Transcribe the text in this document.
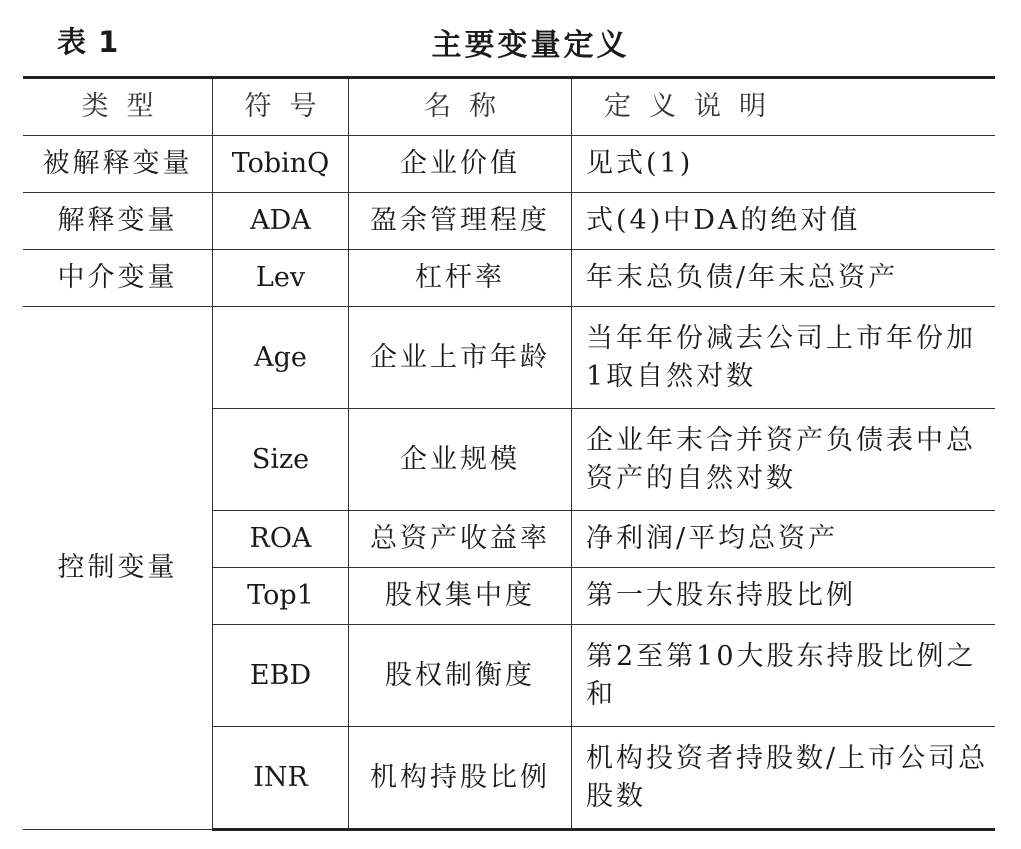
表 1	主要变量定义
类型	符号	名称	定义说明
被解释变量	TobinQ	企业价值	见式(1)
解释变量	ADA	盈余管理程度	式(4)中DA的绝对值
中介变量	Lev	杠杆率	年末总负债/年末总资产
控制变量	Age	企业上市年龄	当年年份减去公司上市年份加1取自然对数
	Size	企业规模	企业年末合并资产负债表中总资产的自然对数
	ROA	总资产收益率	净利润/平均总资产
	Top1	股权集中度	第一大股东持股比例
	EBD	股权制衡度	第2至第10大股东持股比例之和
	INR	机构持股比例	机构投资者持股数/上市公司总股数
